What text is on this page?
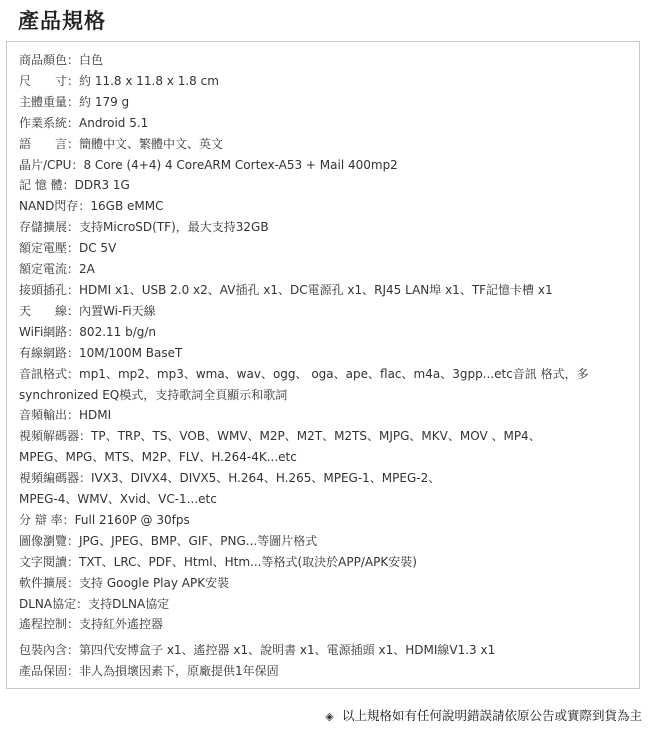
產品規格
商品顏色：白色
尺　　寸：約 11.8 x 11.8 x 1.8 cm
主體重量：約 179 g
作業系統：Android 5.1
語　　言：簡體中文、繁體中文、英文
晶片/CPU：8 Core (4+4) 4 CoreARM Cortex-A53 + Mail 400mp2
記 憶 體：DDR3 1G
NAND閃存：16GB eMMC
存儲擴展：支持MicroSD(TF)，最大支持32GB
額定電壓：DC 5V
額定電流：2A
接頭插孔：HDMI x1、USB 2.0 x2、AV插孔 x1、DC電源孔 x1、RJ45 LAN埠 x1、TF記憶卡槽 x1
天　　線：內置Wi-Fi天線
WiFi網路：802.11 b/g/n
有線網路：10M/100M BaseT
音訊格式：mp1、mp2、mp3、wma、wav、ogg、 oga、ape、flac、m4a、3gpp...etc音訊 格式，多
synchronized EQ模式，支持歌詞全頁顯示和歌詞
音頻輸出：HDMI
視頻解碼器：TP、TRP、TS、VOB、WMV、M2P、M2T、M2TS、MJPG、MKV、MOV 、MP4、
MPEG、MPG、MTS、M2P、FLV、H.264-4K...etc
視頻編碼器：IVX3、DIVX4、DIVX5、H.264、H.265、MPEG-1、MPEG-2、
MPEG-4、WMV、Xvid、VC-1...etc
分 辯 率：Full 2160P @ 30fps
圖像瀏覽：JPG、JPEG、BMP、GIF、PNG...等圖片格式
文字閱讀：TXT、LRC、PDF、Html、Htm...等格式(取決於APP/APK安裝)
軟件擴展：支持 Google Play APK安裝
DLNA協定：支持DLNA協定
遙程控制：支持紅外遙控器
包裝內含：第四代安博盒子 x1、遙控器 x1、說明書 x1、電源插頭 x1、HDMI線V1.3 x1
產品保固：非人為損壞因素下，原廠提供1年保固
◈ 以上規格如有任何說明錯誤請依原公告或實際到貨為主
